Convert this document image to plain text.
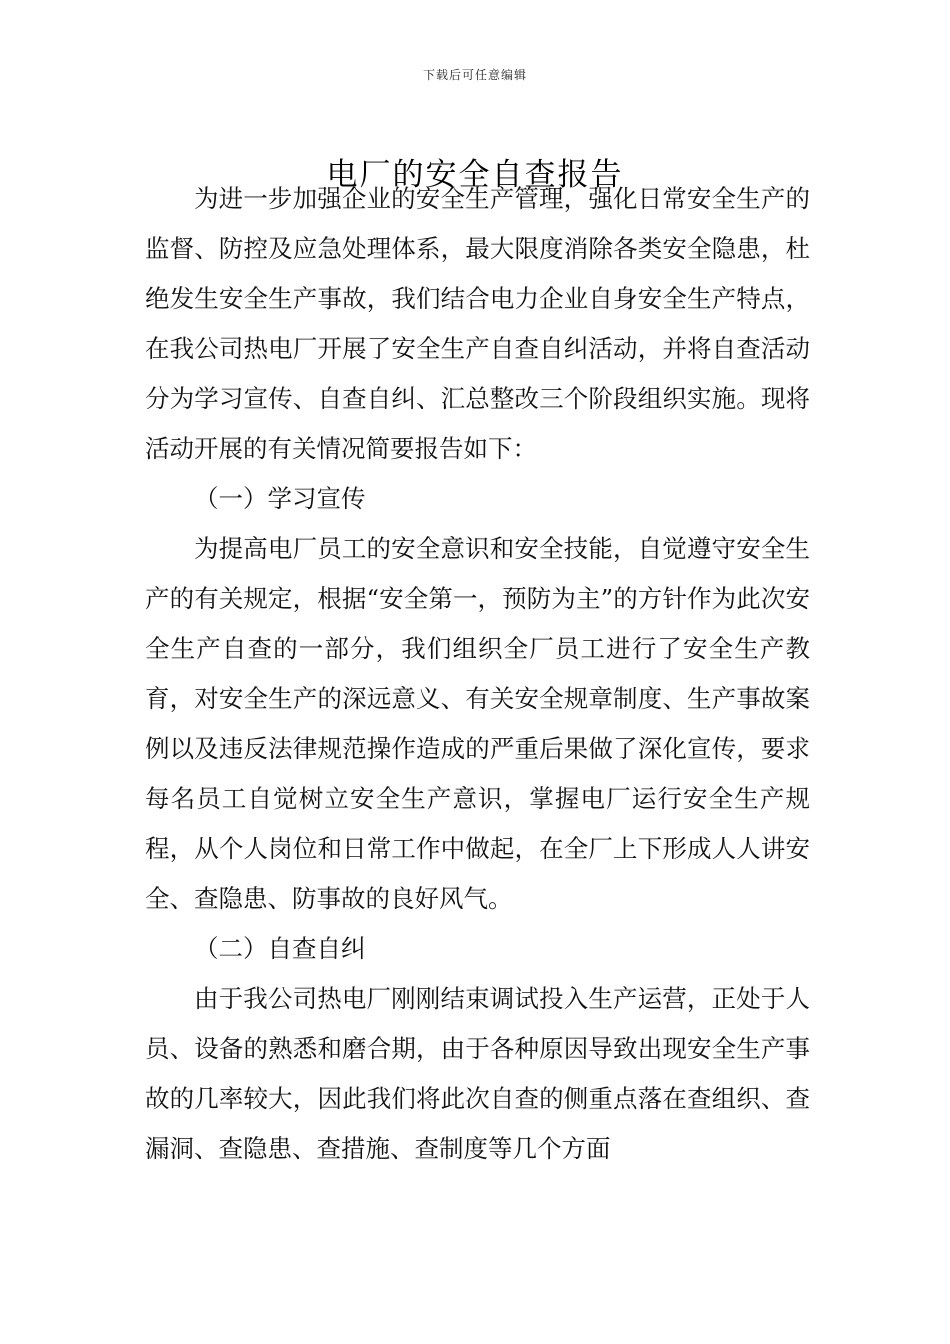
下载后可任意编辑
电厂的安全自查报告

为进一步加强企业的安全生产管理，强化日常安全生产的监督、防控及应急处理体系，最大限度消除各类安全隐患，杜绝发生安全生产事故，我们结合电力企业自身安全生产特点，在我公司热电厂开展了安全生产自查自纠活动，并将自查活动分为学习宣传、自查自纠、汇总整改三个阶段组织实施。现将活动开展的有关情况简要报告如下：

（一）学习宣传

为提高电厂员工的安全意识和安全技能，自觉遵守安全生产的有关规定，根据“安全第一，预防为主”的方针作为此次安全生产自查的一部分，我们组织全厂员工进行了安全生产教育，对安全生产的深远意义、有关安全规章制度、生产事故案例以及违反法律规范操作造成的严重后果做了深化宣传，要求每名员工自觉树立安全生产意识，掌握电厂运行安全生产规程，从个人岗位和日常工作中做起，在全厂上下形成人人讲安全、查隐患、防事故的良好风气。

（二）自查自纠

由于我公司热电厂刚刚结束调试投入生产运营，正处于人员、设备的熟悉和磨合期，由于各种原因导致出现安全生产事故的几率较大，因此我们将此次自查的侧重点落在查组织、查漏洞、查隐患、查措施、查制度等几个方面
